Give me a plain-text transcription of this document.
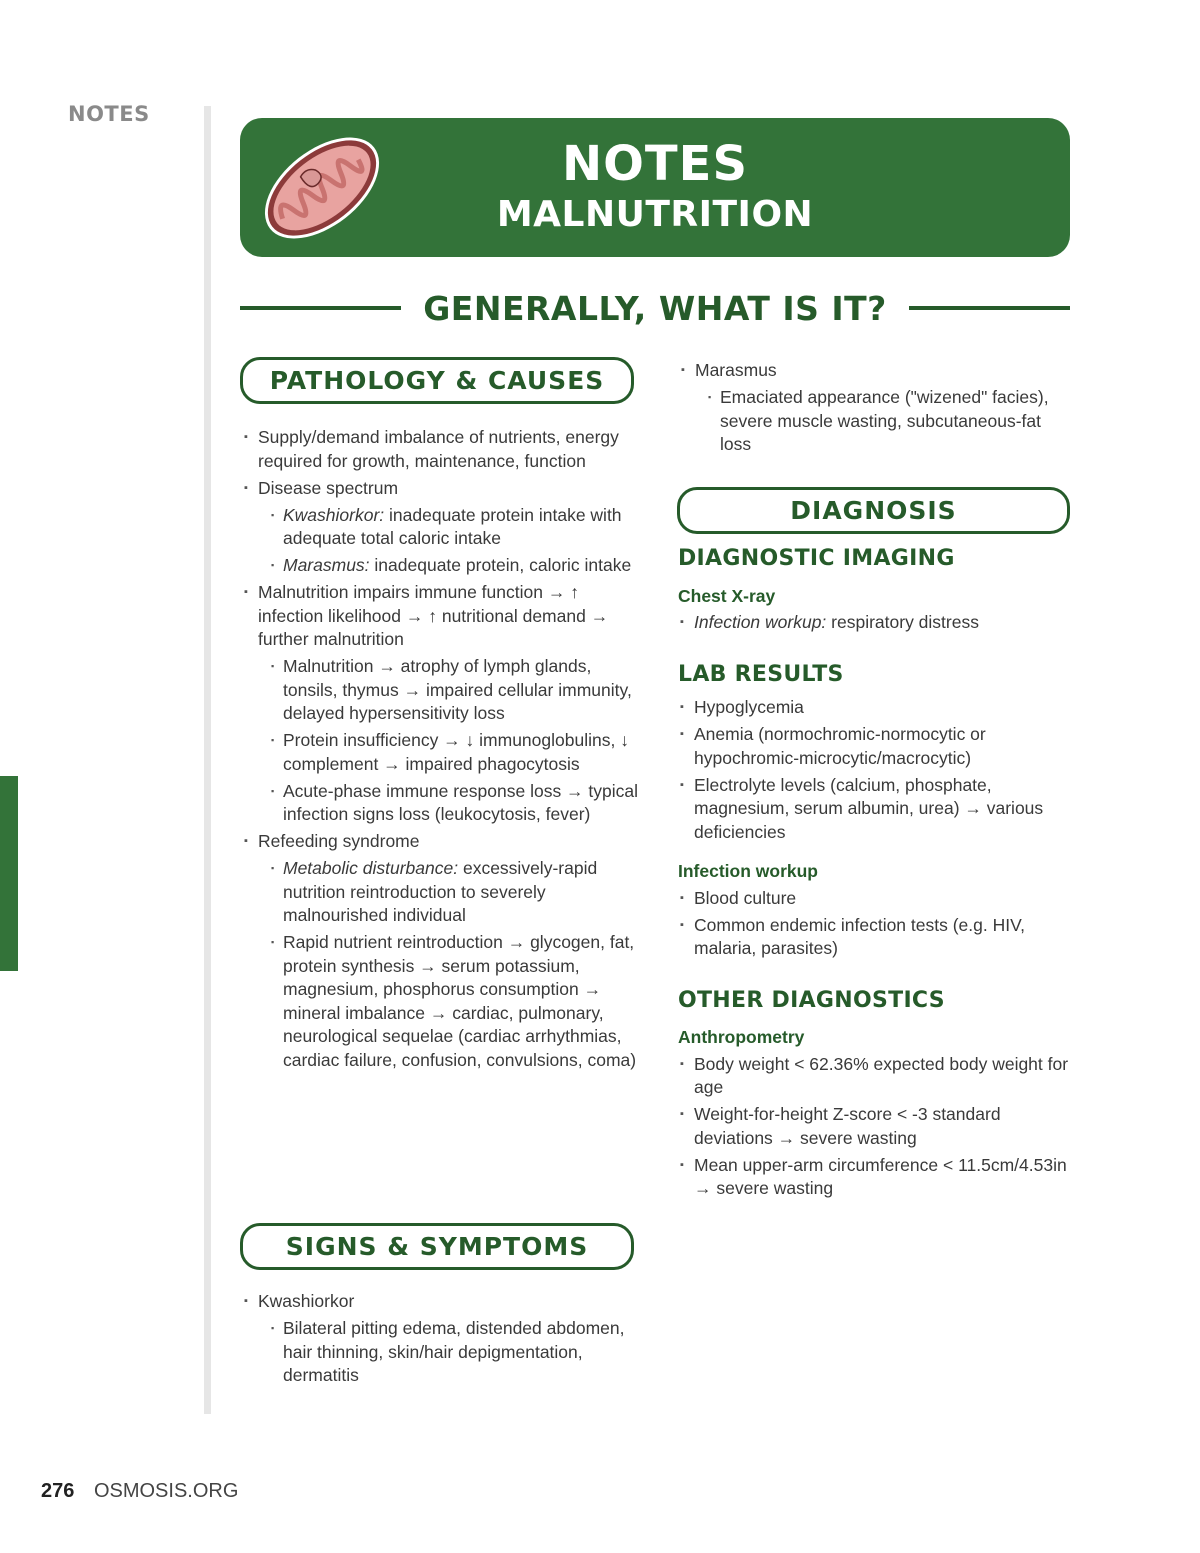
NOTES
NOTES
MALNUTRITION
GENERALLY, WHAT IS IT?
PATHOLOGY & CAUSES
▪ Supply/demand imbalance of nutrients, energy required for growth, maintenance, function
▪ Disease spectrum
▪ Kwashiorkor: inadequate protein intake with adequate total caloric intake
▪ Marasmus: inadequate protein, caloric intake
▪ Malnutrition impairs immune function → ↑ infection likelihood → ↑ nutritional demand → further malnutrition
▪ Malnutrition → atrophy of lymph glands, tonsils, thymus → impaired cellular immunity, delayed hypersensitivity loss
▪ Protein insufficiency → ↓ immunoglobulins, ↓ complement → impaired phagocytosis
▪ Acute-phase immune response loss → typical infection signs loss (leukocytosis, fever)
▪ Refeeding syndrome
▪ Metabolic disturbance: excessively-rapid nutrition reintroduction to severely malnourished individual
▪ Rapid nutrient reintroduction → glycogen, fat, protein synthesis → serum potassium, magnesium, phosphorus consumption → mineral imbalance → cardiac, pulmonary, neurological sequelae (cardiac arrhythmias, cardiac failure, confusion, convulsions, coma)
SIGNS & SYMPTOMS
▪ Kwashiorkor
▪ Bilateral pitting edema, distended abdomen, hair thinning, skin/hair depigmentation, dermatitis
▪ Marasmus
▪ Emaciated appearance ("wizened" facies), severe muscle wasting, subcutaneous-fat loss
DIAGNOSIS
DIAGNOSTIC IMAGING
Chest X-ray
▪ Infection workup: respiratory distress
LAB RESULTS
▪ Hypoglycemia
▪ Anemia (normochromic-normocytic or hypochromic-microcytic/macrocytic)
▪ Electrolyte levels (calcium, phosphate, magnesium, serum albumin, urea) → various deficiencies
Infection workup
▪ Blood culture
▪ Common endemic infection tests (e.g. HIV, malaria, parasites)
OTHER DIAGNOSTICS
Anthropometry
▪ Body weight < 62.36% expected body weight for age
▪ Weight-for-height Z-score < -3 standard deviations → severe wasting
▪ Mean upper-arm circumference < 11.5cm/4.53in → severe wasting
276 OSMOSIS.ORG
